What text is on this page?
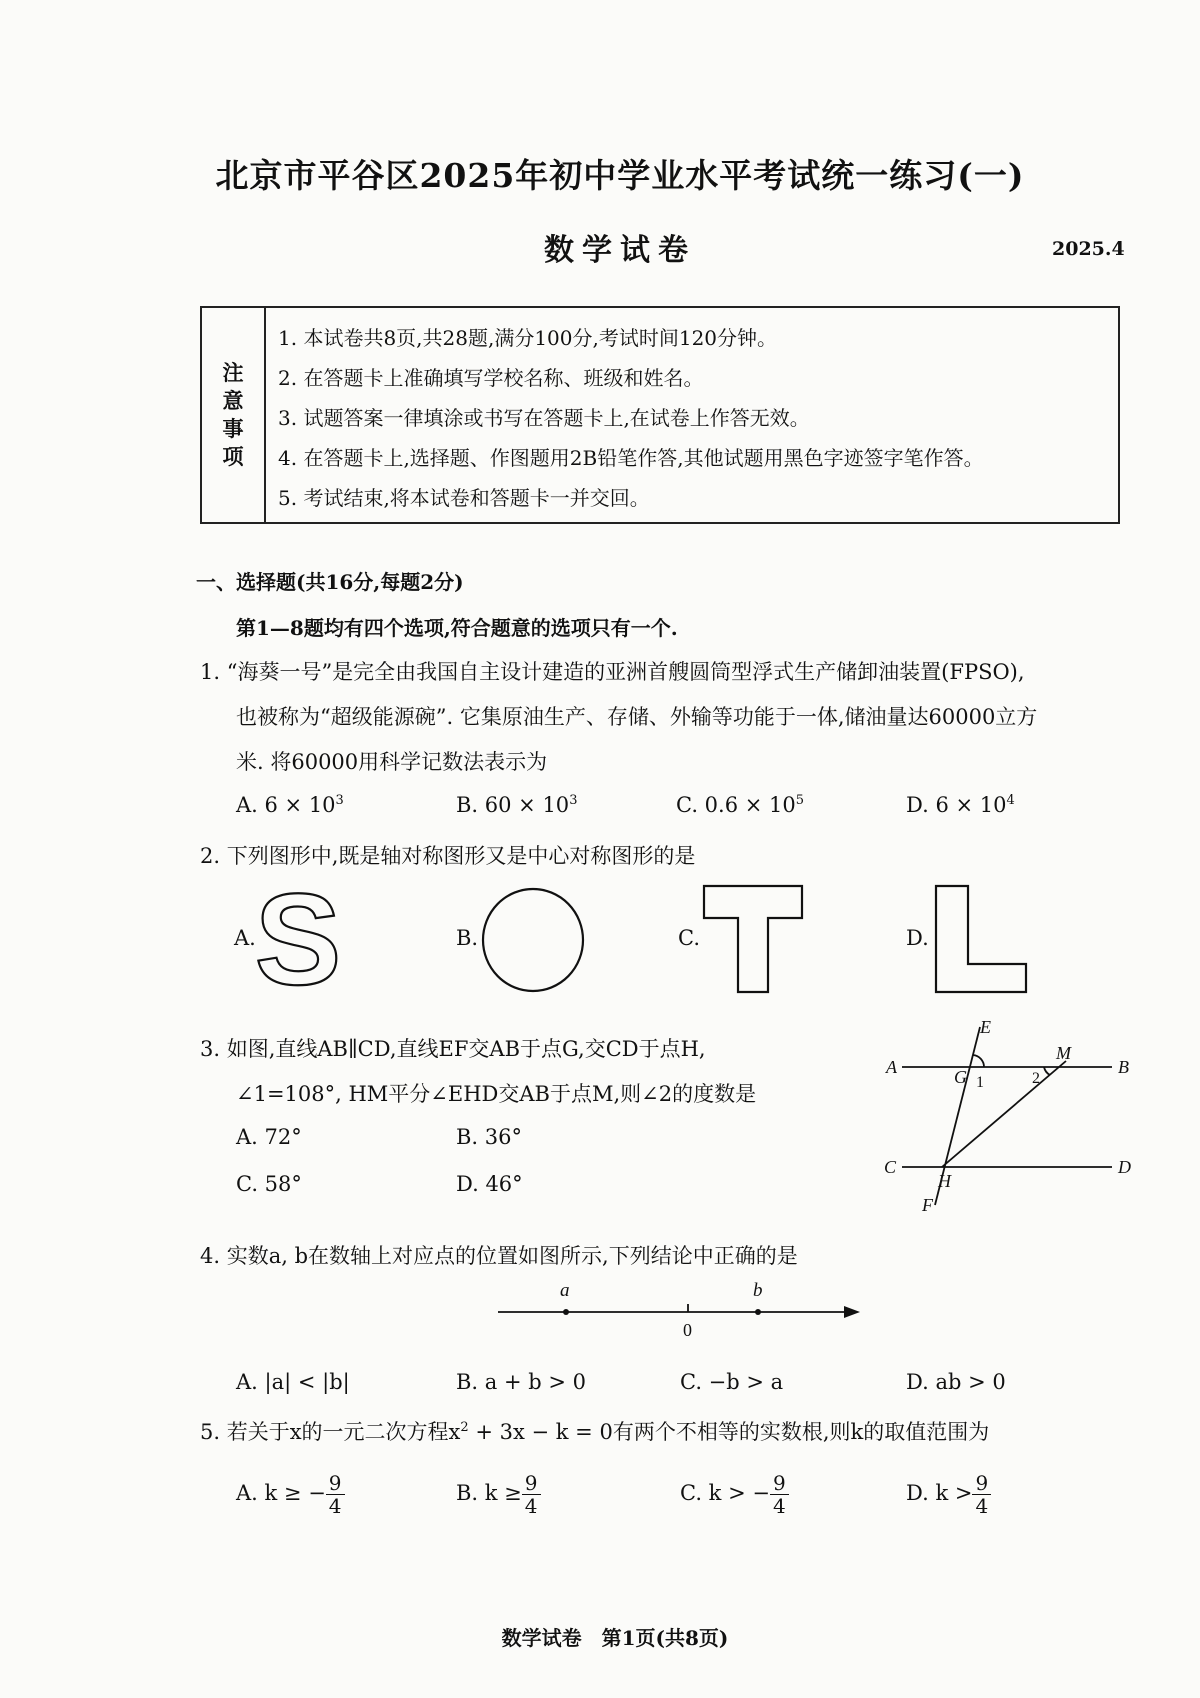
北京市平谷区2025年初中学业水平考试统一练习(一)
数学试卷	2025.4
注
意
事
项
1. 本试卷共8页,共28题,满分100分,考试时间120分钟。
2. 在答题卡上准确填写学校名称、班级和姓名。
3. 试题答案一律填涂或书写在答题卡上,在试卷上作答无效。
4. 在答题卡上,选择题、作图题用2B铅笔作答,其他试题用黑色字迹签字笔作答。
5. 考试结束,将本试卷和答题卡一并交回。
一、选择题(共16分,每题2分)
第1—8题均有四个选项,符合题意的选项只有一个.
1. “海葵一号”是完全由我国自主设计建造的亚洲首艘圆筒型浮式生产储卸油装置(FPSO),
也被称为“超级能源碗”. 它集原油生产、存储、外输等功能于一体,储油量达60000立方
米. 将60000用科学记数法表示为
A. $6 \times 10^3$	B. $60 \times 10^3$	C. $0.6 \times 10^5$	D. $6 \times 10^4$
2. 下列图形中,既是轴对称图形又是中心对称图形的是
A.
S	B.	C.	D.
3. 如图,直线AB∥CD,直线EF交AB于点G,交CD于点H,
∠1=108°, HM平分∠EHD交AB于点M,则∠2的度数是
A. 72°	B. 36°
C. 58°	D. 46°
E
A	G
M
B
C
H
D
F
1	2
4. 实数a, b在数轴上对应点的位置如图所示,下列结论中正确的是
a
0
b
A. |a| < |b|	B. a + b > 0	C. −b > a	D. ab > 0
5. 若关于x的一元二次方程$x^2 + 3x - k = 0$有两个不相等的实数根,则k的取值范围为
A. k ≥ − $\frac{9}{4}$	B. $k \ge \frac{9}{4}$	C. k > − $\frac{9}{4}$	D. $k > \frac{9}{4}$
数学试卷　第1页(共8页)
